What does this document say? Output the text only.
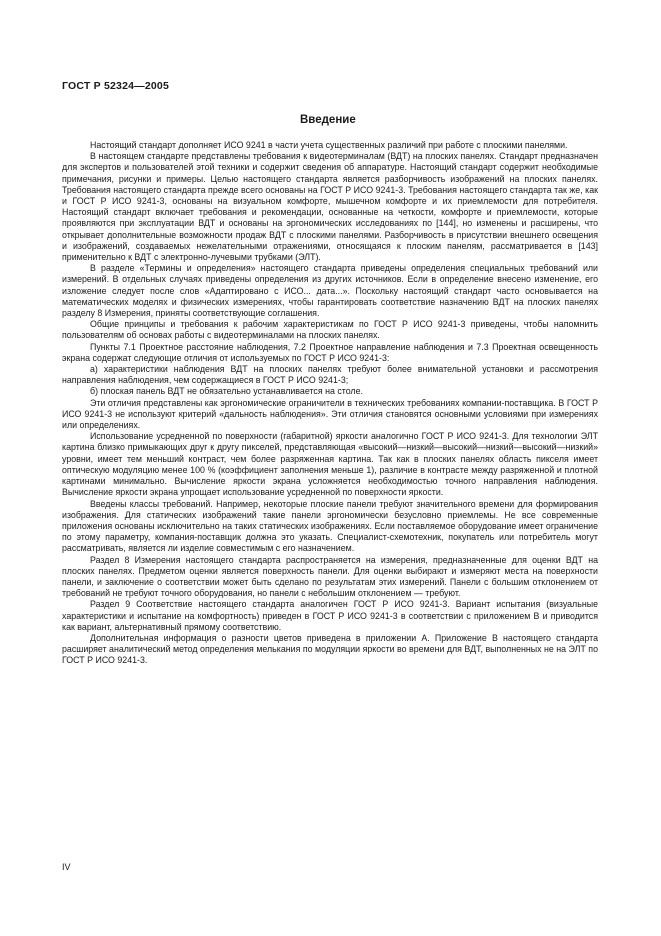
ГОСТ Р 52324—2005
Введение

Настоящий стандарт дополняет ИСО 9241 в части учета существенных различий при работе с плоскими панелями.

В настоящем стандарте представлены требования к видеотерминалам (ВДТ) на плоских панелях. Стандарт предназначен для экспертов и пользователей этой техники и содержит сведения об аппаратуре. Настоящий стандарт содержит необходимые примечания, рисунки и примеры. Целью настоящего стандарта является разборчивость изображений на плоских панелях. Требования настоящего стандарта прежде всего основаны на ГОСТ Р ИСО 9241-3. Требования настоящего стандарта так же, как и ГОСТ Р ИСО 9241-3, основаны на визуальном комфорте, мышечном комфорте и их приемлемости для потребителя. Настоящий стандарт включает требования и рекомендации, основанные на четкости, комфорте и приемлемости, которые проявляются при эксплуатации ВДТ и основаны на эргономических исследованиях по [144], но изменены и расширены, что открывает дополнительные возможности продаж ВДТ с плоскими панелями. Разборчивость в присутствии внешнего освещения и изображений, создаваемых нежелательными отражениями, относящаяся к плоским панелям, рассматривается в [143] применительно к ВДТ с электронно-лучевыми трубками (ЭЛТ).

В разделе «Термины и определения» настоящего стандарта приведены определения специальных требований или измерений. В отдельных случаях приведены определения из других источников. Если в определение внесено изменение, его изложение следует после слов «Адаптировано с ИСО... дата...». Поскольку настоящий стандарт часто основывается на математических моделях и физических измерениях, чтобы гарантировать соответствие назначению ВДТ на плоских панелях разделу 8 Измерения, приняты соответствующие соглашения.

Общие принципы и требования к рабочим характеристикам по ГОСТ Р ИСО 9241-3 приведены, чтобы напомнить пользователям об основах работы с видеотерминалами на плоских панелях.

Пункты 7.1 Проектное расстояние наблюдения, 7.2 Проектное направление наблюдения и 7.3 Проектная освещенность экрана содержат следующие отличия от используемых по ГОСТ Р ИСО 9241-3:

а) характеристики наблюдения ВДТ на плоских панелях требуют более внимательной установки и рассмотрения направления наблюдения, чем содержащиеся в ГОСТ Р ИСО 9241-3;

б) плоская панель ВДТ не обязательно устанавливается на столе.

Эти отличия представлены как эргономические ограничители в технических требованиях компании-поставщика. В ГОСТ Р ИСО 9241-3 не используют критерий «дальность наблюдения». Эти отличия становятся основными условиями при измерениях или определениях.

Использование усредненной по поверхности (габаритной) яркости аналогично ГОСТ Р ИСО 9241-3. Для технологии ЭЛТ картина близко примыкающих друг к другу пикселей, представляющая «высокий—низкий—высокий—низкий—высокий—низкий» уровни, имеет тем меньший контраст, чем более разряженная картина. Так как в плоских панелях область пикселя имеет оптическую модуляцию менее 100 % (коэффициент заполнения меньше 1), различие в контрасте между разряженной и плотной картинами минимально. Вычисление яркости экрана усложняется необходимостью точного направления наблюдения. Вычисление яркости экрана упрощает использование усредненной по поверхности яркости.

Введены классы требований. Например, некоторые плоские панели требуют значительного времени для формирования изображения. Для статических изображений такие панели эргономически безусловно приемлемы. Не все современные приложения основаны исключительно на таких статических изображениях. Если поставляемое оборудование имеет ограничение по этому параметру, компания-поставщик должна это указать. Специалист-схемотехник, покупатель или потребитель могут рассматривать, является ли изделие совместимым с его назначением.

Раздел 8 Измерения настоящего стандарта распространяется на измерения, предназначенные для оценки ВДТ на плоских панелях. Предметом оценки является поверхность панели. Для оценки выбирают и измеряют места на поверхности панели, и заключение о соответствии может быть сделано по результатам этих измерений. Панели с большим отклонением от требований не требуют точного оборудования, но панели с небольшим отклонением — требуют.

Раздел 9 Соответствие настоящего стандарта аналогичен ГОСТ Р ИСО 9241-3. Вариант испытания (визуальные характеристики и испытание на комфортность) приведен в ГОСТ Р ИСО 9241-3 в соответствии с приложением В и приводится как вариант, альтернативный прямому соответствию.

Дополнительная информация о разности цветов приведена в приложении А. Приложение В настоящего стандарта расширяет аналитический метод определения мелькания по модуляции яркости во времени для ВДТ, выполненных не на ЭЛТ по ГОСТ Р ИСО 9241-3.

IV
